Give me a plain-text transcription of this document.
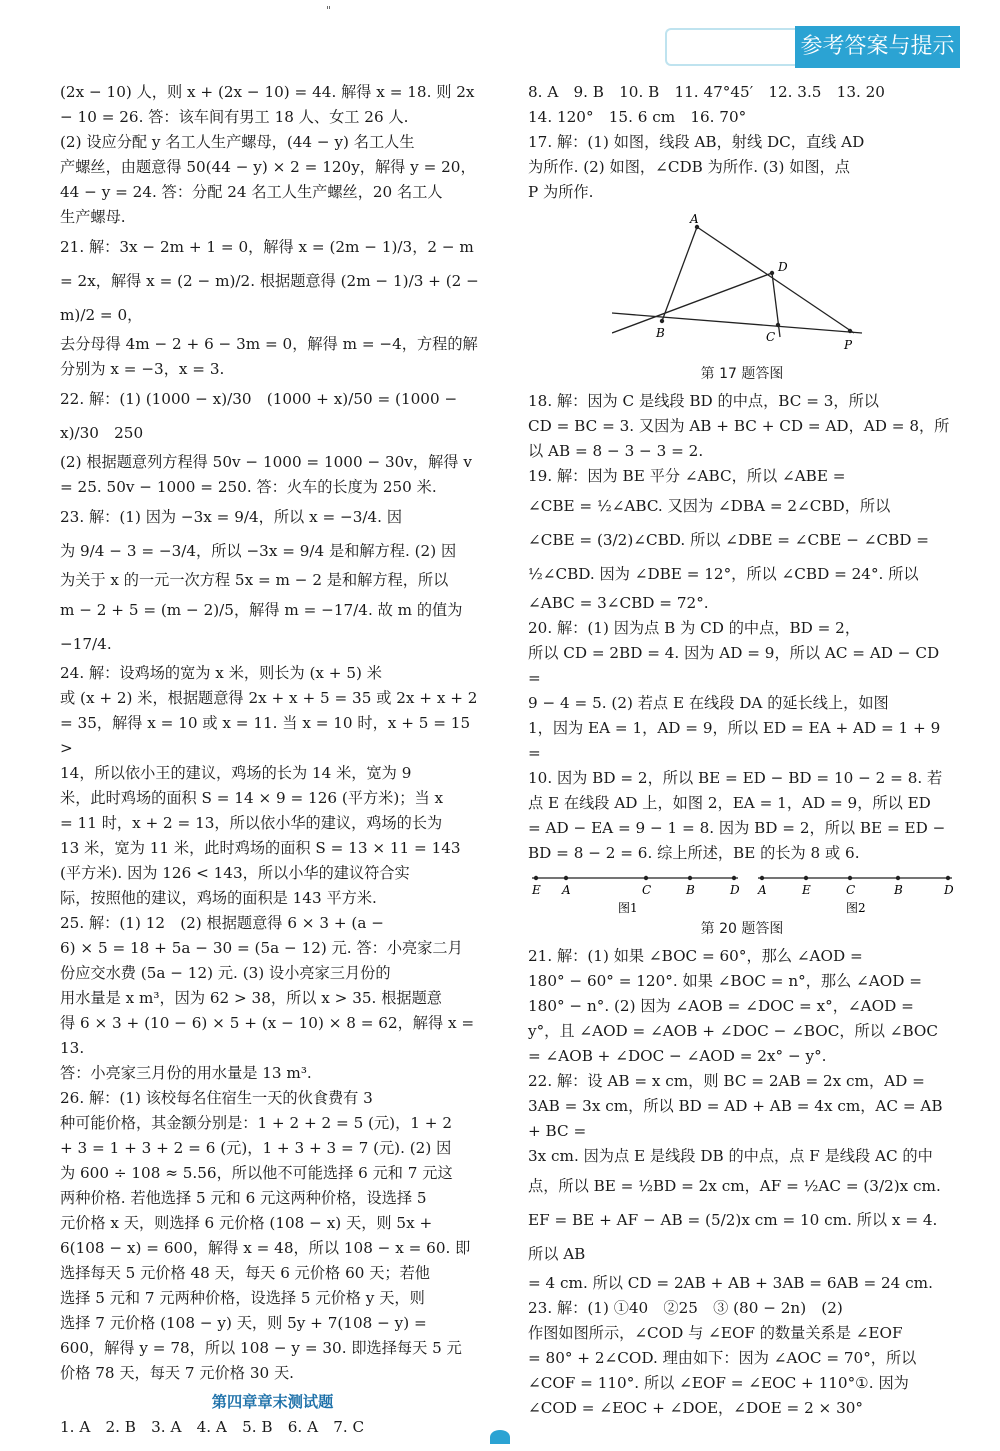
"
参考答案与提示

(2x − 10) 人，则 x + (2x − 10) = 44. 解得 x = 18. 则 2x

− 10 = 26. 答：该车间有男工 18 人、女工 26 人.

(2) 设应分配 y 名工人生产螺母，(44 − y) 名工人生

产螺丝，由题意得 50(44 − y) × 2 = 120y，解得 y = 20，

44 − y = 24. 答：分配 24 名工人生产螺丝，20 名工人

生产螺母.

21. 解：3x − 2m + 1 = 0，解得 x = (2m − 1)/3，2 − m

= 2x，解得 x = (2 − m)/2. 根据题意得 (2m − 1)/3 + (2 − m)/2 = 0，

去分母得 4m − 2 + 6 − 3m = 0，解得 m = −4，方程的解

分别为 x = −3，x = 3.

22. 解：(1) (1000 − x)/30　(1000 + x)/50 = (1000 − x)/30　250

(2) 根据题意列方程得 50v − 1000 = 1000 − 30v，解得 v

= 25. 50v − 1000 = 250. 答：火车的长度为 250 米.

23. 解：(1) 因为 −3x = 9/4，所以 x = −3/4. 因

为 9/4 − 3 = −3/4，所以 −3x = 9/4 是和解方程. (2) 因

为关于 x 的一元一次方程 5x = m − 2 是和解方程，所以

m − 2 + 5 = (m − 2)/5，解得 m = −17/4. 故 m 的值为 −17/4.

24. 解：设鸡场的宽为 x 米，则长为 (x + 5) 米

或 (x + 2) 米，根据题意得 2x + x + 5 = 35 或 2x + x + 2

= 35，解得 x = 10 或 x = 11. 当 x = 10 时，x + 5 = 15 >

14，所以依小王的建议，鸡场的长为 14 米，宽为 9

米，此时鸡场的面积 S = 14 × 9 = 126 (平方米)；当 x

= 11 时，x + 2 = 13，所以依小华的建议，鸡场的长为

13 米，宽为 11 米，此时鸡场的面积 S = 13 × 11 = 143

(平方米). 因为 126 < 143，所以小华的建议符合实

际，按照他的建议，鸡场的面积是 143 平方米.

25. 解：(1) 12　(2) 根据题意得 6 × 3 + (a −

6) × 5 = 18 + 5a − 30 = (5a − 12) 元. 答：小亮家二月

份应交水费 (5a − 12) 元. (3) 设小亮家三月份的

用水量是 x m³，因为 62 > 38，所以 x > 35. 根据题意

得 6 × 3 + (10 − 6) × 5 + (x − 10) × 8 = 62，解得 x = 13.

答：小亮家三月份的用水量是 13 m³.

26. 解：(1) 该校每名住宿生一天的伙食费有 3

种可能价格，其金额分别是：1 + 2 + 2 = 5 (元)，1 + 2

+ 3 = 1 + 3 + 2 = 6 (元)，1 + 3 + 3 = 7 (元). (2) 因

为 600 ÷ 108 ≈ 5.56，所以他不可能选择 6 元和 7 元这

两种价格. 若他选择 5 元和 6 元这两种价格，设选择 5

元价格 x 天，则选择 6 元价格 (108 − x) 天，则 5x +

6(108 − x) = 600，解得 x = 48，所以 108 − x = 60. 即

选择每天 5 元价格 48 天，每天 6 元价格 60 天；若他

选择 5 元和 7 元两种价格，设选择 5 元价格 y 天，则

选择 7 元价格 (108 − y) 天，则 5y + 7(108 − y) =

600，解得 y = 78，所以 108 − y = 30. 即选择每天 5 元

价格 78 天，每天 7 元价格 30 天.

第四章章末测试题

1. A　2. B　3. A　4. A　5. B　6. A　7. C

8. A　9. B　10. B　11. 47°45′　12. 3.5　13. 20

14. 120°　15. 6 cm　16. 70°

17. 解：(1) 如图，线段 AB，射线 DC，直线 AD

为所作. (2) 如图，∠CDB 为所作. (3) 如图，点

P 为所作.

A
D
B	C
P
第 17 题答图

18. 解：因为 C 是线段 BD 的中点，BC = 3，所以

CD = BC = 3. 又因为 AB + BC + CD = AD，AD = 8，所

以 AB = 8 − 3 − 3 = 2.

19. 解：因为 BE 平分 ∠ABC，所以 ∠ABE =

∠CBE = ½∠ABC. 又因为 ∠DBA = 2∠CBD，所以

∠CBE = (3/2)∠CBD. 所以 ∠DBE = ∠CBE − ∠CBD =

½∠CBD. 因为 ∠DBE = 12°，所以 ∠CBD = 24°. 所以

∠ABC = 3∠CBD = 72°.

20. 解：(1) 因为点 B 为 CD 的中点，BD = 2，

所以 CD = 2BD = 4. 因为 AD = 9，所以 AC = AD − CD =

9 − 4 = 5. (2) 若点 E 在线段 DA 的延长线上，如图

1，因为 EA = 1，AD = 9，所以 ED = EA + AD = 1 + 9 =

10. 因为 BD = 2，所以 BE = ED − BD = 10 − 2 = 8. 若

点 E 在线段 AD 上，如图 2，EA = 1，AD = 9，所以 ED

= AD − EA = 9 − 1 = 8. 因为 BD = 2，所以 BE = ED −

BD = 8 − 2 = 6. 综上所述，BE 的长为 8 或 6.

E A	C	B	D A	E	C	B	D
图1	图2
第 20 题答图

21. 解：(1) 如果 ∠BOC = 60°，那么 ∠AOD =

180° − 60° = 120°. 如果 ∠BOC = n°，那么 ∠AOD =

180° − n°. (2) 因为 ∠AOB = ∠DOC = x°，∠AOD =

y°，且 ∠AOD = ∠AOB + ∠DOC − ∠BOC，所以 ∠BOC

= ∠AOB + ∠DOC − ∠AOD = 2x° − y°.

22. 解：设 AB = x cm，则 BC = 2AB = 2x cm，AD =

3AB = 3x cm，所以 BD = AD + AB = 4x cm，AC = AB + BC =

3x cm. 因为点 E 是线段 DB 的中点，点 F 是线段 AC 的中

点，所以 BE = ½BD = 2x cm，AF = ½AC = (3/2)x cm.

EF = BE + AF − AB = (5/2)x cm = 10 cm. 所以 x = 4. 所以 AB

= 4 cm. 所以 CD = 2AB + AB + 3AB = 6AB = 24 cm.

23. 解：(1) ①40　②25　③ (80 − 2n)　(2)

作图如图所示，∠COD 与 ∠EOF 的数量关系是 ∠EOF

= 80° + 2∠COD. 理由如下：因为 ∠AOC = 70°，所以

∠COF = 110°. 所以 ∠EOF = ∠EOC + 110°①. 因为

∠COD = ∠EOC + ∠DOE，∠DOE = 2 × 30°
